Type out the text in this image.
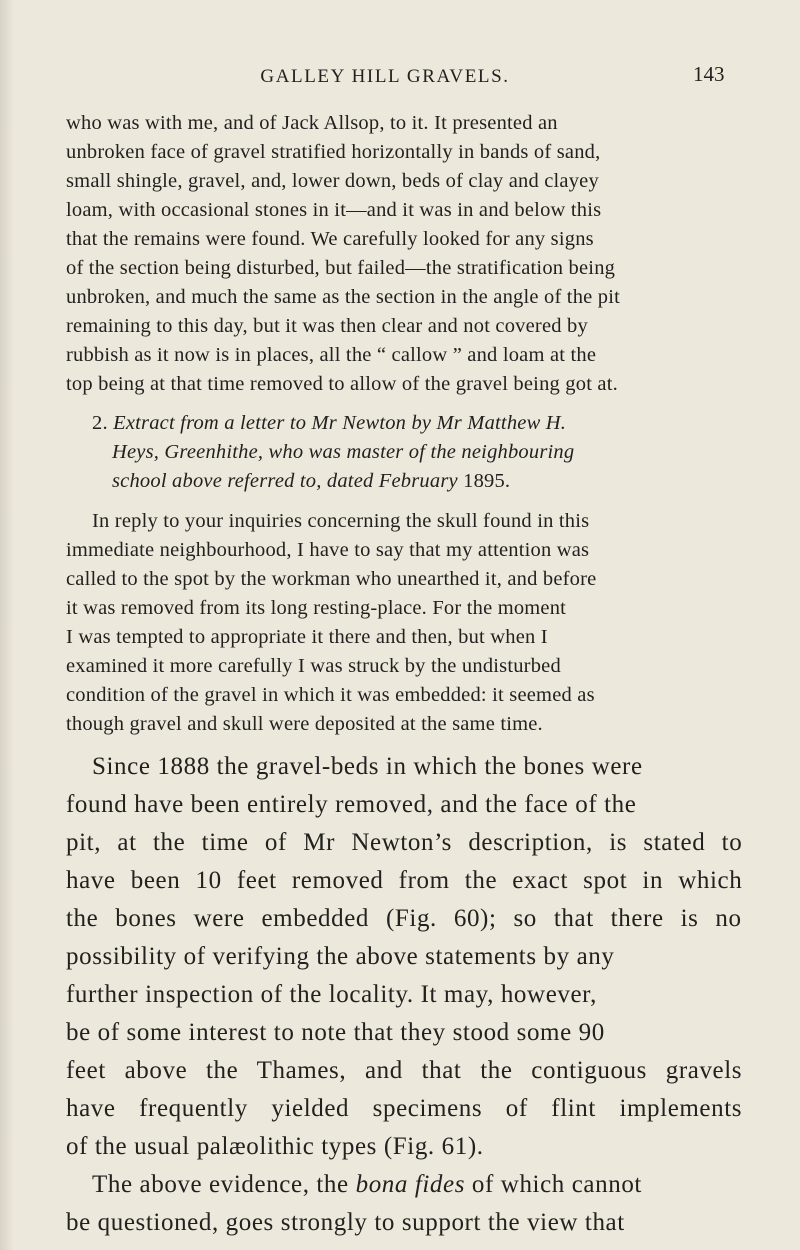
GALLEY HILL GRAVELS.	143
who was with me, and of Jack Allsop, to it. It presented an
unbroken face of gravel stratified horizontally in bands of sand,
small shingle, gravel, and, lower down, beds of clay and clayey
loam, with occasional stones in it—and it was in and below this
that the remains were found. We carefully looked for any signs
of the section being disturbed, but failed—the stratification being
unbroken, and much the same as the section in the angle of the pit
remaining to this day, but it was then clear and not covered by
rubbish as it now is in places, all the “ callow ” and loam at the
top being at that time removed to allow of the gravel being got at.
2. Extract from a letter to Mr Newton by Mr Matthew H.
Heys, Greenhithe, who was master of the neighbouring
school above referred to, dated February 1895.
In reply to your inquiries concerning the skull found in this
immediate neighbourhood, I have to say that my attention was
called to the spot by the workman who unearthed it, and before
it was removed from its long resting-place. For the moment
I was tempted to appropriate it there and then, but when I
examined it more carefully I was struck by the undisturbed
condition of the gravel in which it was embedded: it seemed as
though gravel and skull were deposited at the same time.
Since 1888 the gravel-beds in which the bones were
found have been entirely removed, and the face of the
pit, at the time of Mr Newton’s description, is stated to
have been 10 feet removed from the exact spot in which
the bones were embedded (Fig. 60); so that there is no
possibility of verifying the above statements by any
further inspection of the locality. It may, however,
be of some interest to note that they stood some 90
feet above the Thames, and that the contiguous gravels
have frequently yielded specimens of flint implements
of the usual palæolithic types (Fig. 61).
The above evidence, the bona fides of which cannot
be questioned, goes strongly to support the view that
